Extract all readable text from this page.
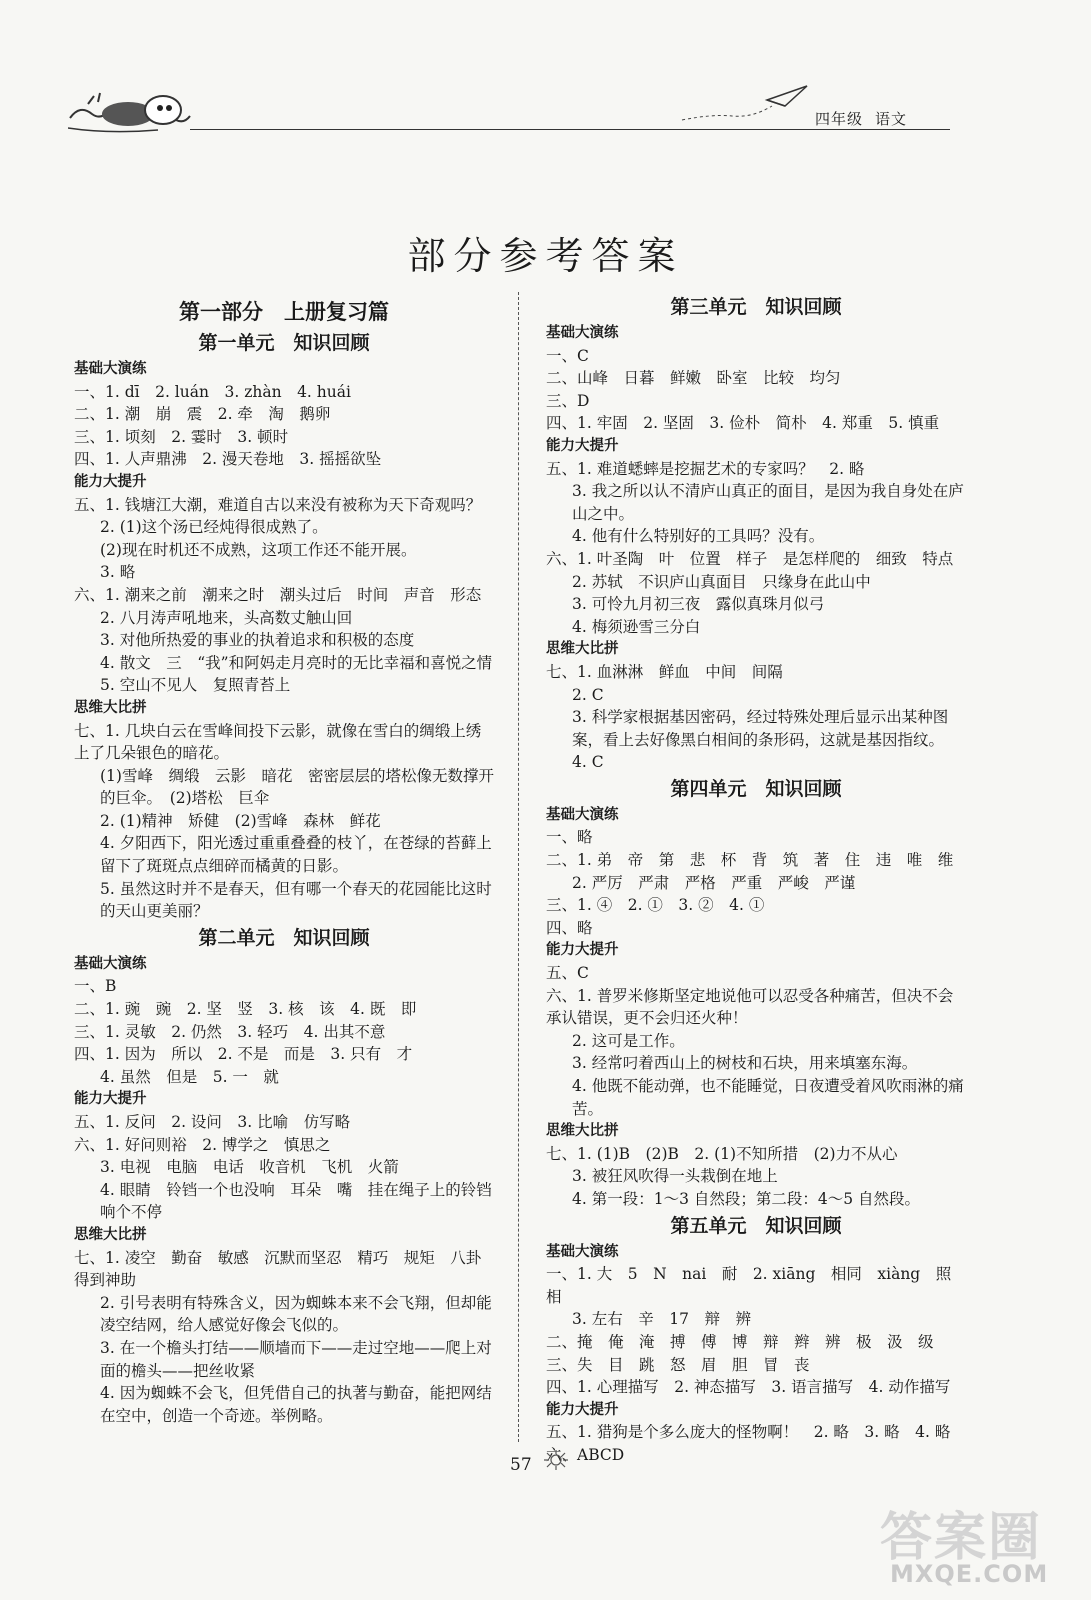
四年级 语文
部分参考答案
第一部分　上册复习篇
第一单元　知识回顾
基础大演练
一、1. dī　2. luán　3. zhàn　4. huái
二、1. 潮　崩　震　2. 牵　淘　鹅卵
三、1. 顷刻　2. 霎时　3. 顿时
四、1. 人声鼎沸　2. 漫天卷地　3. 摇摇欲坠
能力大提升
五、1. 钱塘江大潮，难道自古以来没有被称为天下奇观吗？
2. (1)这个汤已经炖得很成熟了。
(2)现在时机还不成熟，这项工作还不能开展。
3. 略
六、1. 潮来之前　潮来之时　潮头过后　时间　声音　形态
2. 八月涛声吼地来，头高数丈触山回
3. 对他所热爱的事业的执着追求和积极的态度
4. 散文　三　“我”和阿妈走月亮时的无比幸福和喜悦之情
5. 空山不见人　复照青苔上
思维大比拼
七、1. 几块白云在雪峰间投下云影，就像在雪白的绸缎上绣上了几朵银色的暗花。
(1)雪峰　绸缎　云影　暗花　密密层层的塔松像无数撑开的巨伞。　(2)塔松　巨伞
2. (1)精神　矫健　(2)雪峰　森林　鲜花
4. 夕阳西下，阳光透过重重叠叠的枝丫，在苍绿的苔藓上留下了斑斑点点细碎而橘黄的日影。
5. 虽然这时并不是春天，但有哪一个春天的花园能比这时的天山更美丽？
第二单元　知识回顾
基础大演练
一、B
二、1. 豌　豌　2. 坚　竖　3. 核　该　4. 既　即
三、1. 灵敏　2. 仍然　3. 轻巧　4. 出其不意
四、1. 因为　所以　2. 不是　而是　3. 只有　才
4. 虽然　但是　5. 一　就
能力大提升
五、1. 反问　2. 设问　3. 比喻　仿写略
六、1. 好问则裕　2. 博学之　慎思之
3. 电视　电脑　电话　收音机　飞机　火箭
4. 眼睛　铃铛一个也没响　耳朵　嘴　挂在绳子上的铃铛响个不停
思维大比拼
七、1. 凌空　勤奋　敏感　沉默而坚忍　精巧　规矩　八卦　得到神助
2. 引号表明有特殊含义，因为蜘蛛本来不会飞翔，但却能凌空结网，给人感觉好像会飞似的。
3. 在一个檐头打结——顺墙而下——走过空地——爬上对面的檐头——把丝收紧
4. 因为蜘蛛不会飞，但凭借自己的执著与勤奋，能把网结在空中，创造一个奇迹。举例略。
第三单元　知识回顾
基础大演练
一、C
二、山峰　日暮　鲜嫩　卧室　比较　均匀
三、D
四、1. 牢固　2. 坚固　3. 俭朴　简朴　4. 郑重　5. 慎重
能力大提升
五、1. 难道蟋蟀是挖掘艺术的专家吗？　2. 略
3. 我之所以认不清庐山真正的面目，是因为我自身处在庐山之中。
4. 他有什么特别好的工具吗？没有。
六、1. 叶圣陶　叶　位置　样子　是怎样爬的　细致　特点
2. 苏轼　不识庐山真面目　只缘身在此山中
3. 可怜九月初三夜　露似真珠月似弓
4. 梅须逊雪三分白
思维大比拼
七、1. 血淋淋　鲜血　中间　间隔
2. C
3. 科学家根据基因密码，经过特殊处理后显示出某种图案，看上去好像黑白相间的条形码，这就是基因指纹。
4. C
第四单元　知识回顾
基础大演练
一、略
二、1. 弟　帝　第　悲　杯　背　筑　著　住　违　唯　维
2. 严厉　严肃　严格　严重　严峻　严谨
三、1. ④　2. ①　3. ②　4. ①
四、略
能力大提升
五、C
六、1. 普罗米修斯坚定地说他可以忍受各种痛苦，但决不会承认错误，更不会归还火种！
2. 这可是工作。
3. 经常叼着西山上的树枝和石块，用来填塞东海。
4. 他既不能动弹，也不能睡觉，日夜遭受着风吹雨淋的痛苦。
思维大比拼
七、1. (1)B　(2)B　2. (1)不知所措　(2)力不从心
3. 被狂风吹得一头栽倒在地上
4. 第一段：1～3 自然段；第二段：4～5 自然段。
第五单元　知识回顾
基础大演练
一、1. 大　5　N　nai　耐　2. xiāng　相同　xiàng　照相
3. 左右　辛　17　辩　辨
二、掩　俺　淹　搏　傅　博　辩　辫　辨　极　汲　级
三、失　目　跳　怒　眉　胆　冒　丧
四、1. 心理描写　2. 神态描写　3. 语言描写　4. 动作描写
能力大提升
五、1. 猎狗是个多么庞大的怪物啊！　2. 略　3. 略　4. 略
六、ABCD
57
答案圈
MXQE.COM
